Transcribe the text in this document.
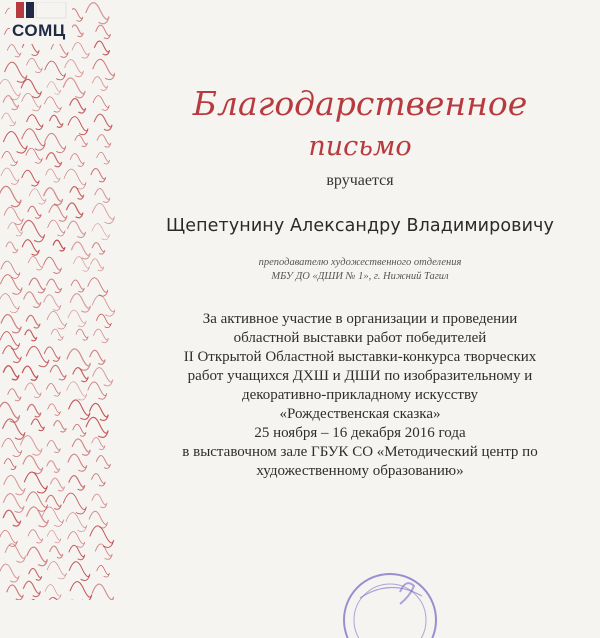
СОМЦ
Благодарственное
письмо
вручается
Щепетунину Александру Владимировичу
преподавателю художественного отделения
МБУ ДО «ДШИ № 1», г. Нижний Тагил
За активное участие в организации и проведении
областной выставки работ победителей
II Открытой Областной выставки-конкурса творческих
работ учащихся ДХШ и ДШИ по изобразительному и
декоративно-прикладному искусству
«Рождественская сказка»
25 ноября – 16 декабря 2016 года
в выставочном зале ГБУК СО «Методический центр по
художественному образованию»
